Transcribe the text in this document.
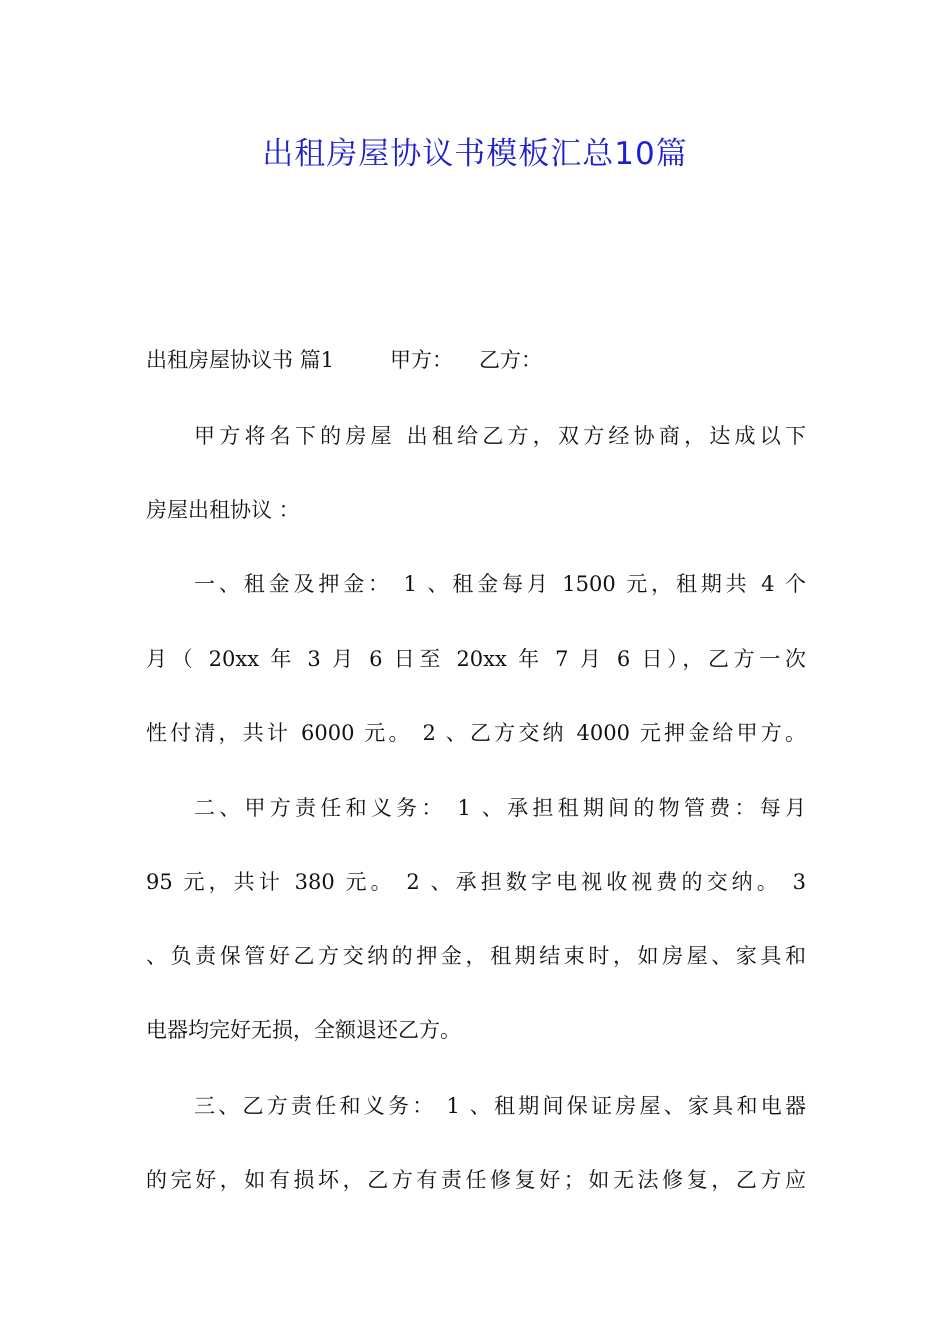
出租房屋协议书模板汇总10篇
出租房屋协议书 篇1	甲方： 乙方：
甲方将名下的房屋 出租给乙方，双方经协商，达成以下
房屋出租协议 ：
一、租金及押金： 1 、租金每月 1500 元，租期共 4 个
月（ 20xx 年 3 月 6 日至 20xx 年 7 月 6 日），乙方一次
性付清，共计 6000 元。 2 、乙方交纳 4000 元押金给甲方。
二、甲方责任和义务： 1 、承担租期间的物管费：每月
95 元，共计 380 元。 2 、承担数字电视收视费的交纳。 3
、负责保管好乙方交纳的押金，租期结束时，如房屋、家具和
电器均完好无损，全额退还乙方。
三、乙方责任和义务： 1 、租期间保证房屋、家具和电器
的完好，如有损坏，乙方有责任修复好；如无法修复，乙方应
